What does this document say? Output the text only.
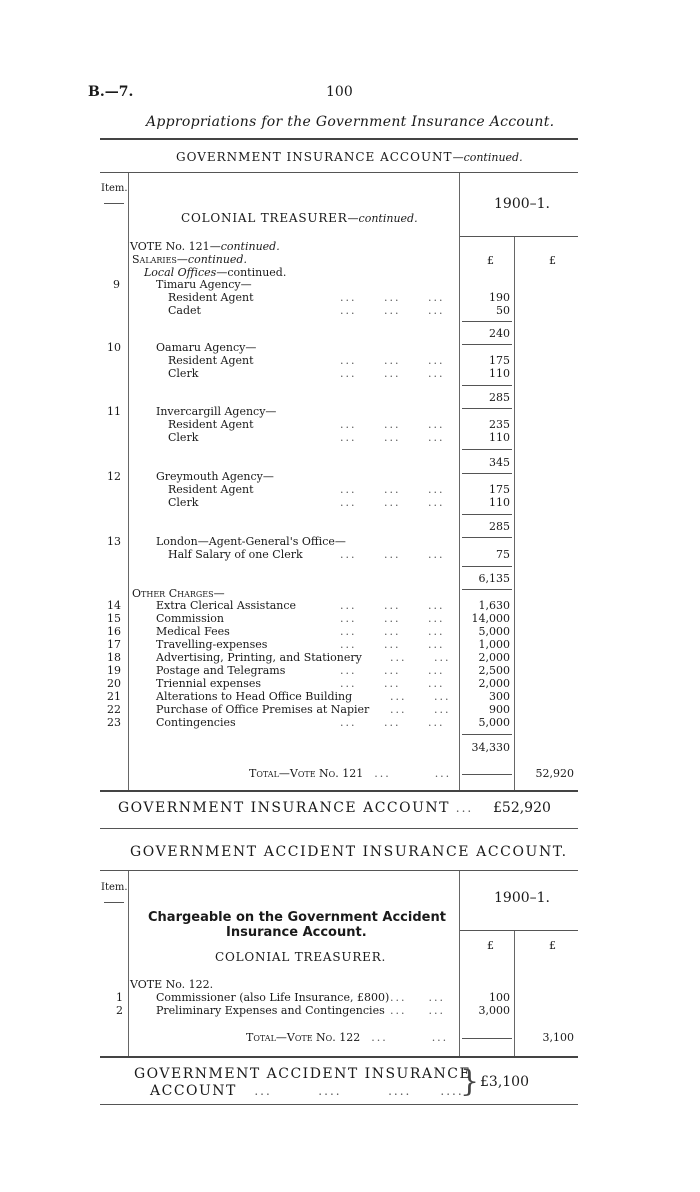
B.—7.	100
Appropriations for the Government Insurance Account.
GOVERNMENT INSURANCE ACCOUNT—continued.
Item.
1900–1.
COLONIAL TREASURER—continued.
VOTE No. 121—continued.
Salaries—continued.
Local Offices—continued.
£	£
9	Timaru Agency—
Resident Agent	...     ...     ...	190
Cadet	...     ...     ...	50
240
10	Oamaru Agency—
Resident Agent	...     ...     ...	175
Clerk	...     ...     ...	110
285
11	Invercargill Agency—
Resident Agent	...     ...     ...	235
Clerk	...     ...     ...	110
345
12	Greymouth Agency—
Resident Agent	...     ...     ...	175
Clerk	...     ...     ...	110
285
13	London—Agent-General's Office—
Half Salary of one Clerk	...     ...     ...	75
6,135
Other Charges—
14	Extra Clerical Assistance	...     ...     ...	1,630
15	Commission	...     ...     ...	14,000
16	Medical Fees	...     ...     ...	5,000
17	Travelling-expenses	...     ...     ...	1,000
18	Advertising, Printing, and Stationery	...     ...	2,000
19	Postage and Telegrams	...     ...     ...	2,500
20	Triennial expenses	...     ...     ...	2,000
21	Alterations to Head Office Building	...     ...	300
22	Purchase of Office Premises at Napier ...     ...	900
23	Contingencies	...     ...     ...	5,000
34,330
Total—Vote No. 121  ...        ...	52,920
GOVERNMENT INSURANCE ACCOUNT ... £52,920
GOVERNMENT ACCIDENT INSURANCE ACCOUNT.
Item.
1900–1.
Chargeable on the Government Accident
Insurance Account.
£	£
COLONIAL TREASURER.
VOTE No. 122.
1	Commissioner (also Life Insurance, £800) ...    ...	100
2	Preliminary Expenses and Contingencies ...    ...	3,000
Total—Vote No. 122  ...        ...	3,100
GOVERNMENT ACCIDENT INSURANCE
ACCOUNT   ...        ....        ....     ....
} £3,100
